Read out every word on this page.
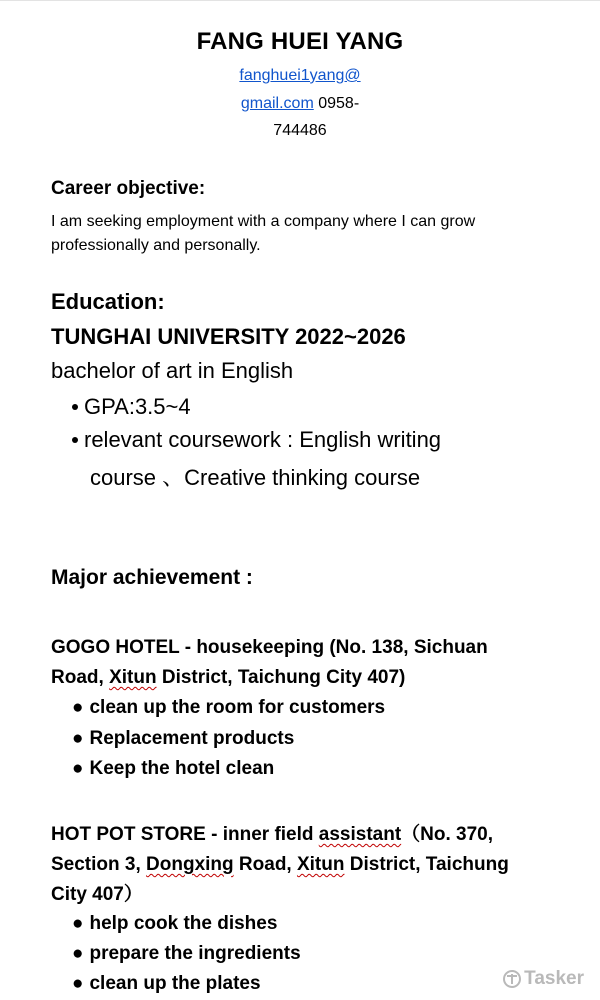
FANG HUEI YANG
fanghuei1yang@
gmail.com 0958-
744486
Career objective:
I am seeking employment with a company where I can grow professionally and personally.
Education:
TUNGHAI UNIVERSITY 2022~2026
bachelor of art in English
GPA:3.5~4
relevant coursework : English writing
course 、Creative thinking course
Major achievement :
GOGO HOTEL - housekeeping (No. 138, Sichuan
Road, Xitun District, Taichung City 407)
● clean up the room for customers
● Replacement products
● Keep the hotel clean
HOT POT STORE - inner field assistant（No. 370,
Section 3, Dongxing Road, Xitun District, Taichung
City 407）
● help cook the dishes
● prepare the ingredients
● clean up the plates	Tasker
